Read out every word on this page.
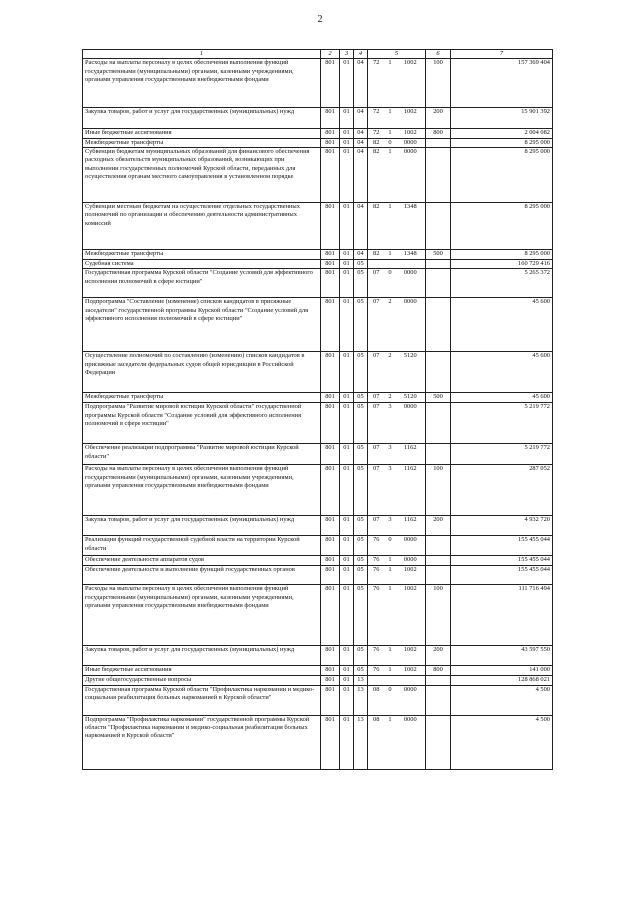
2
1	2	3	4	5			6	7
Расходы на выплаты персоналу в целях обеспечения выполнения функций государственными (муниципальными) органами, казенными учреждениями, органами управления государственными внебюджетными фондами	801	01	04	72	1	1002	100	157 369 404
Закупка товаров, работ и услуг для государственных (муниципальных) нужд	801	01	04	72	1	1002	200	15 901 392
Иные бюджетные ассигнования	801	01	04	72	1	1002	800	2 004 082
Межбюджетные трансферты	801	01	04	82	0	0000		8 295 000
Субвенции бюджетам муниципальных образований для финансового обеспечения расходных обязательств муниципальных образований, возникающих при выполнении государственных полномочий Курской области, переданных для осуществления органам местного самоуправления в установленном порядке	801	01	04	82	1	0000		8 295 000
Субвенции местным бюджетам на осуществление отдельных государственных полномочий по организации и обеспечению деятельности административных комиссий	801	01	04	82	1	1348		8 295 000
Межбюджетные трансферты	801	01	04	82	1	1348	500	8 295 000
Судебная система	801	01	05					160 729 416
Государственная программа Курской области "Создание условий для эффективного исполнения полномочий в сфере юстиции"	801	01	05	07	0	0000		5 265 372
Подпрограмма "Составление (изменение) списков кандидатов в присяжные заседатели" государственной программы Курской области "Создание условий для эффективного исполнения полномочий в сфере юстиции"	801	01	05	07	2	0000		45 600
Осуществление полномочий по составлению (изменению) списков кандидатов в присяжные заседатели федеральных судов общей юрисдикции в Российской Федерации	801	01	05	07	2	5120		45 600
Межбюджетные трансферты	801	01	05	07	2	5120	500	45 600
Подпрограмма "Развитие мировой юстиции Курской области" государственной программы Курской области "Создание условий для эффективного исполнения полномочий в сфере юстиции"	801	01	05	07	3	0000		5 219 772
Обеспечение реализации подпрограммы "Развитие мировой юстиции Курской области"	801	01	05	07	3	1162		5 219 772
Расходы на выплаты персоналу в целях обеспечения выполнения функций государственными (муниципальными) органами, казенными учреждениями, органами управления государственными внебюджетными фондами	801	01	05	07	3	1162	100	287 052
Закупка товаров, работ и услуг для государственных (муниципальных) нужд	801	01	05	07	3	1162	200	4 932 720
Реализация функций государственной судебной власти на территории Курской области	801	01	05	76	0	0000		155 455 044
Обеспечение деятельности аппаратов судов	801	01	05	76	1	0000		155 455 044
Обеспечение деятельности и выполнение функций государственных органов	801	01	05	76	1	1002		155 455 044
Расходы на выплаты персоналу в целях обеспечения выполнения функций государственными (муниципальными) органами, казенными учреждениями, органами управления государственными внебюджетными фондами	801	01	05	76	1	1002	100	111 716 494
Закупка товаров, работ и услуг для государственных (муниципальных) нужд	801	01	05	76	1	1002	200	43 597 550
Иные бюджетные ассигнования	801	01	05	76	1	1002	800	141 000
Другие общегосударственные вопросы	801	01	13					128 868 021
Государственная программа Курской области "Профилактика наркомании и медико-социальная реабилитация больных наркоманией в Курской области"	801	01	13	08	0	0000		4 500
Подпрограмма "Профилактика наркомании" государственной программы Курской области "Профилактика наркомании и медико-социальная реабилитация больных наркоманией в Курской области"	801	01	13	08	1	0000		4 500
